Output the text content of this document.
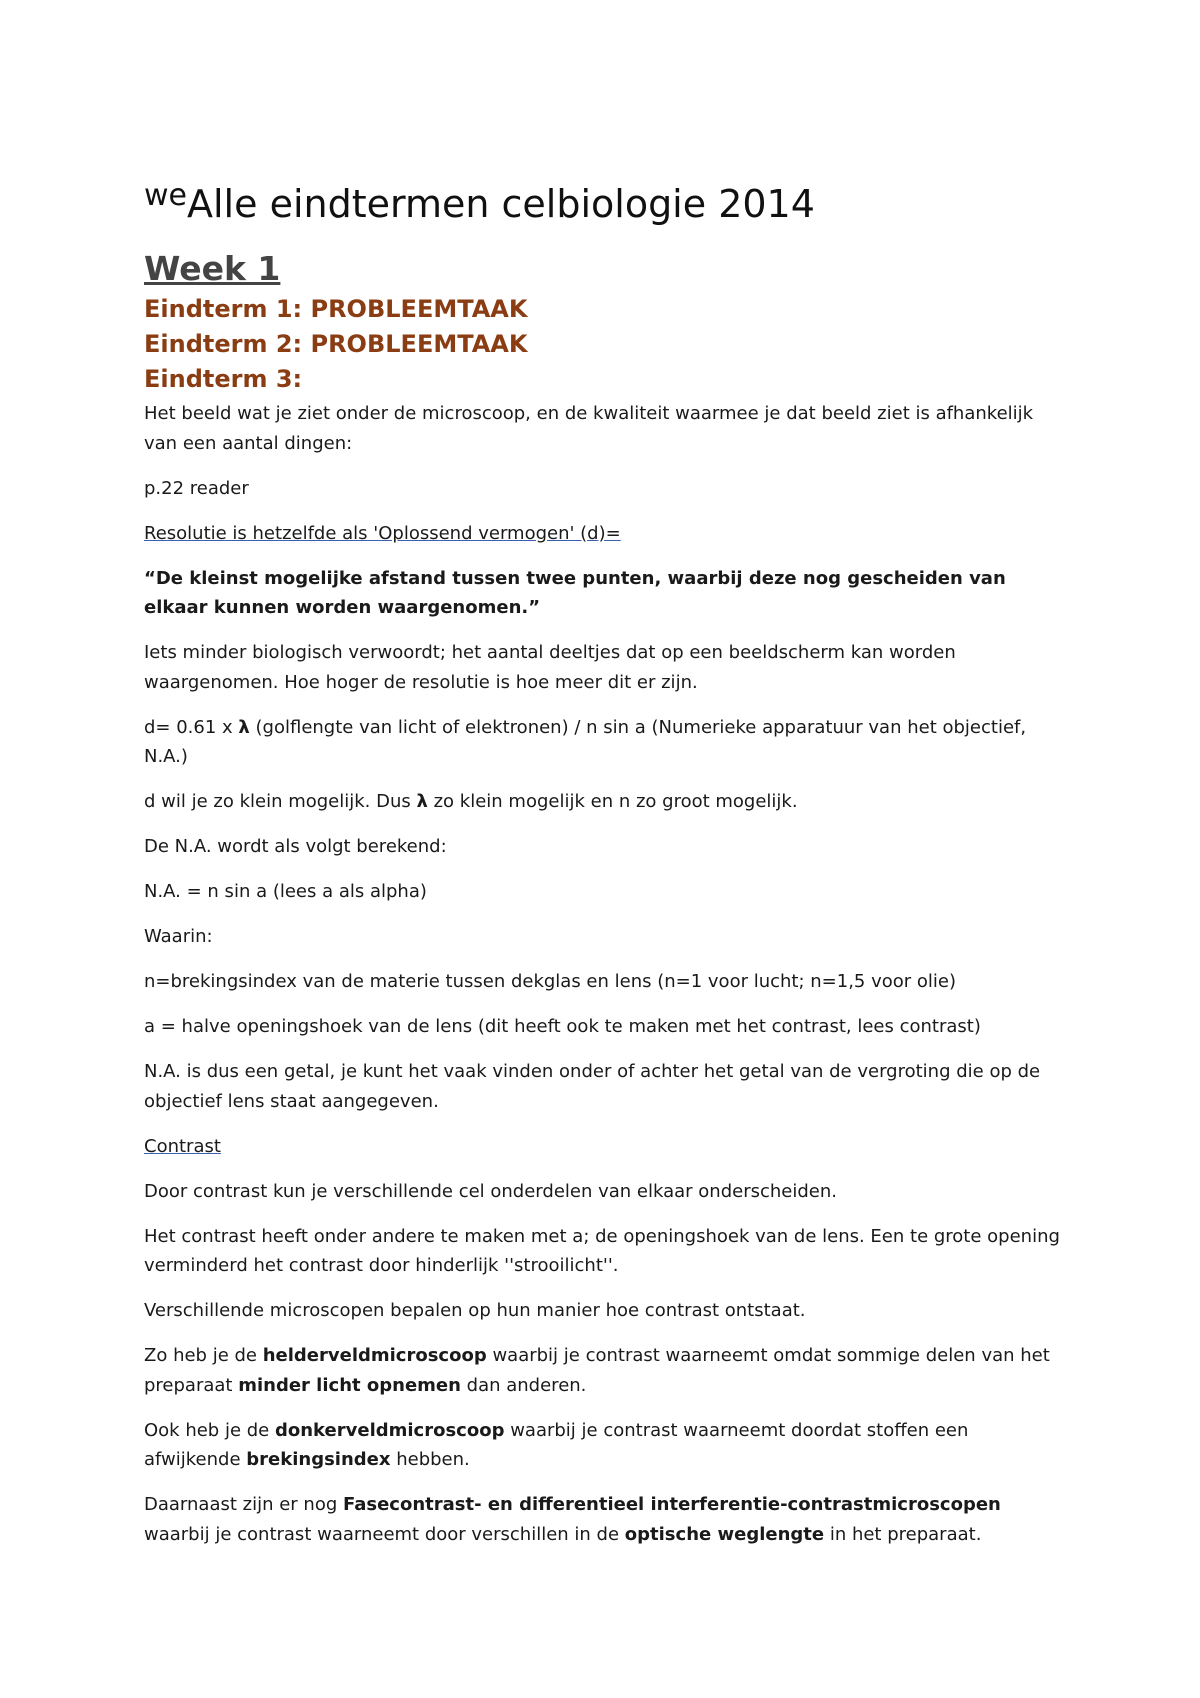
$^{we}$Alle eindtermen celbiologie 2014
Week 1
Eindterm 1: PROBLEEMTAAK
Eindterm 2: PROBLEEMTAAK
Eindterm 3:

Het beeld wat je ziet onder de microscoop, en de kwaliteit waarmee je dat beeld ziet is afhankelijk van een aantal dingen:

p.22 reader

Resolutie is hetzelfde als 'Oplossend vermogen' (d)=

“De kleinst mogelijke afstand tussen twee punten, waarbij deze nog gescheiden van elkaar kunnen worden waargenomen.”

Iets minder biologisch verwoordt; het aantal deeltjes dat op een beeldscherm kan worden waargenomen. Hoe hoger de resolutie is hoe meer dit er zijn.

d= 0.61 x λ (golflengte van licht of elektronen) / n sin a (Numerieke apparatuur van het objectief, N.A.)

d wil je zo klein mogelijk. Dus λ zo klein mogelijk en n zo groot mogelijk.

De N.A. wordt als volgt berekend:

N.A. = n sin a (lees a als alpha)

Waarin:

n=brekingsindex van de materie tussen dekglas en lens (n=1 voor lucht; n=1,5 voor olie)

a = halve openingshoek van de lens (dit heeft ook te maken met het contrast, lees contrast)

N.A. is dus een getal, je kunt het vaak vinden onder of achter het getal van de vergroting die op de objectief lens staat aangegeven.

Contrast

Door contrast kun je verschillende cel onderdelen van elkaar onderscheiden.

Het contrast heeft onder andere te maken met a; de openingshoek van de lens. Een te grote opening verminderd het contrast door hinderlijk ''strooilicht''.

Verschillende microscopen bepalen op hun manier hoe contrast ontstaat.

Zo heb je de helderveldmicroscoop waarbij je contrast waarneemt omdat sommige delen van het preparaat minder licht opnemen dan anderen.

Ook heb je de donkerveldmicroscoop waarbij je contrast waarneemt doordat stoffen een afwijkende brekingsindex hebben.

Daarnaast zijn er nog Fasecontrast- en differentieel interferentie-contrastmicroscopen waarbij je contrast waarneemt door verschillen in de optische weglengte in het preparaat.
